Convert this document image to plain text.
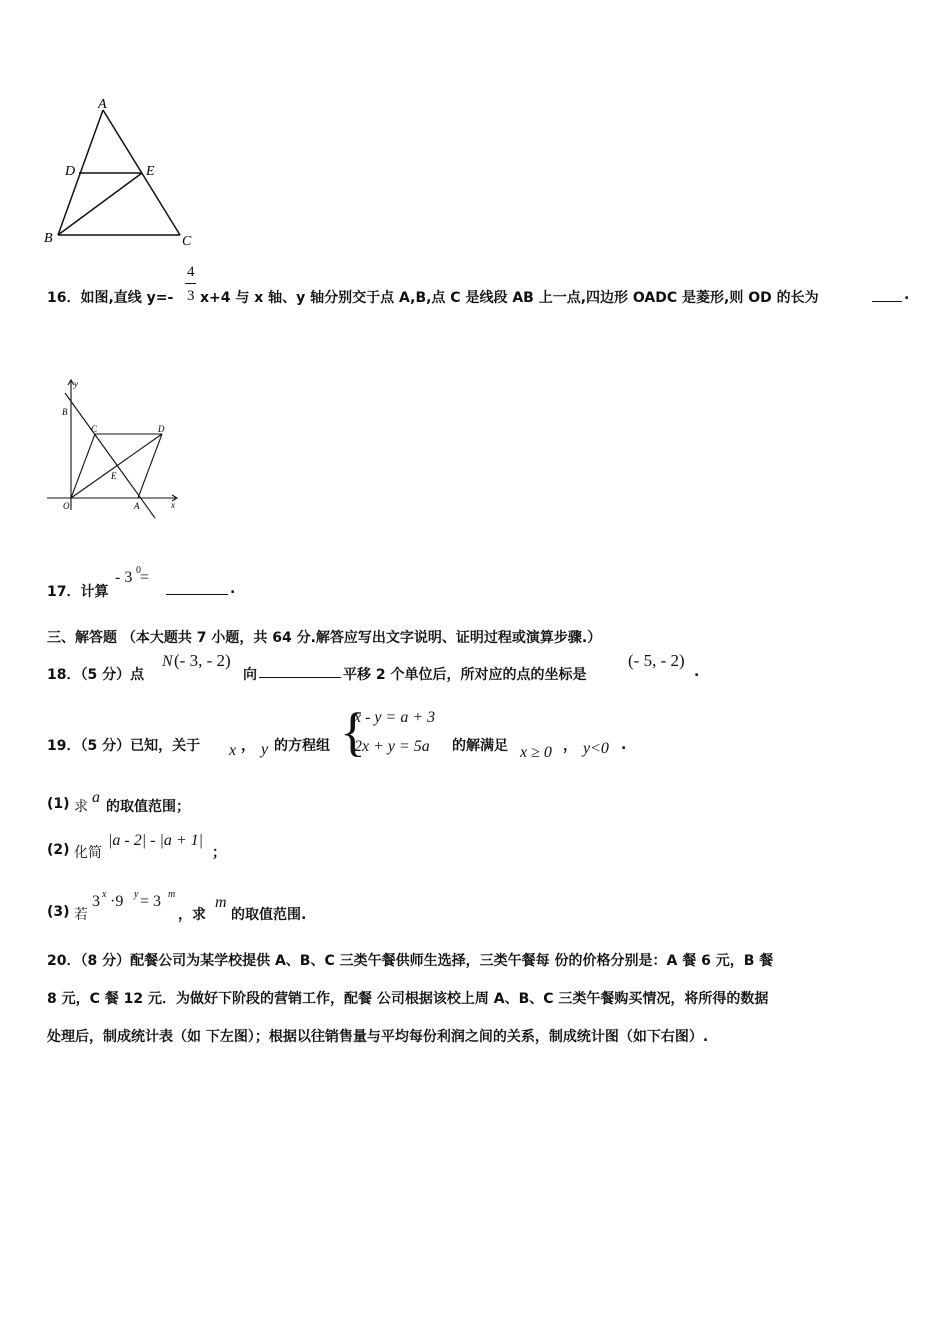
A
D	E
B	C
16．如图,直线 y=-
4
3 x+4 与 x 轴、y 轴分别交于点 A,B,点 C 是线段 AB 上一点,四边形 OADC 是菱形,则 OD 的长为	.
y
B
C	D
E
O	A	x
17．计算
- 3 0 =
.
三、解答题 （本大题共 7 小题，共 64 分.解答应写出文字说明、证明过程或演算步骤.）
18．（5 分）点
N (- 3, - 2)
向	平移 2 个单位后，所对应的点的坐标是
(- 5, - 2)
.
19．（5 分）已知，关于 x ， y 的方程组 {
x - y = a + 3
2x + y = 5a 的解满足 x ≥ 0 ， y<0 .
(1) 求
a
的取值范围；
(2) 化简
|a - 2| - |a + 1|
；
(3) 若
3 x ·9 y = 3 m
，求
m
的取值范围.
20．（8 分）配餐公司为某学校提供 A、B、C 三类午餐供师生选择，三类午餐每 份的价格分别是：A 餐 6 元，B 餐
8 元，C 餐 12 元．为做好下阶段的营销工作，配餐 公司根据该校上周 A、B、C 三类午餐购买情况，将所得的数据
处理后，制成统计表（如 下左图）；根据以往销售量与平均每份利润之间的关系，制成统计图（如下右图）.
